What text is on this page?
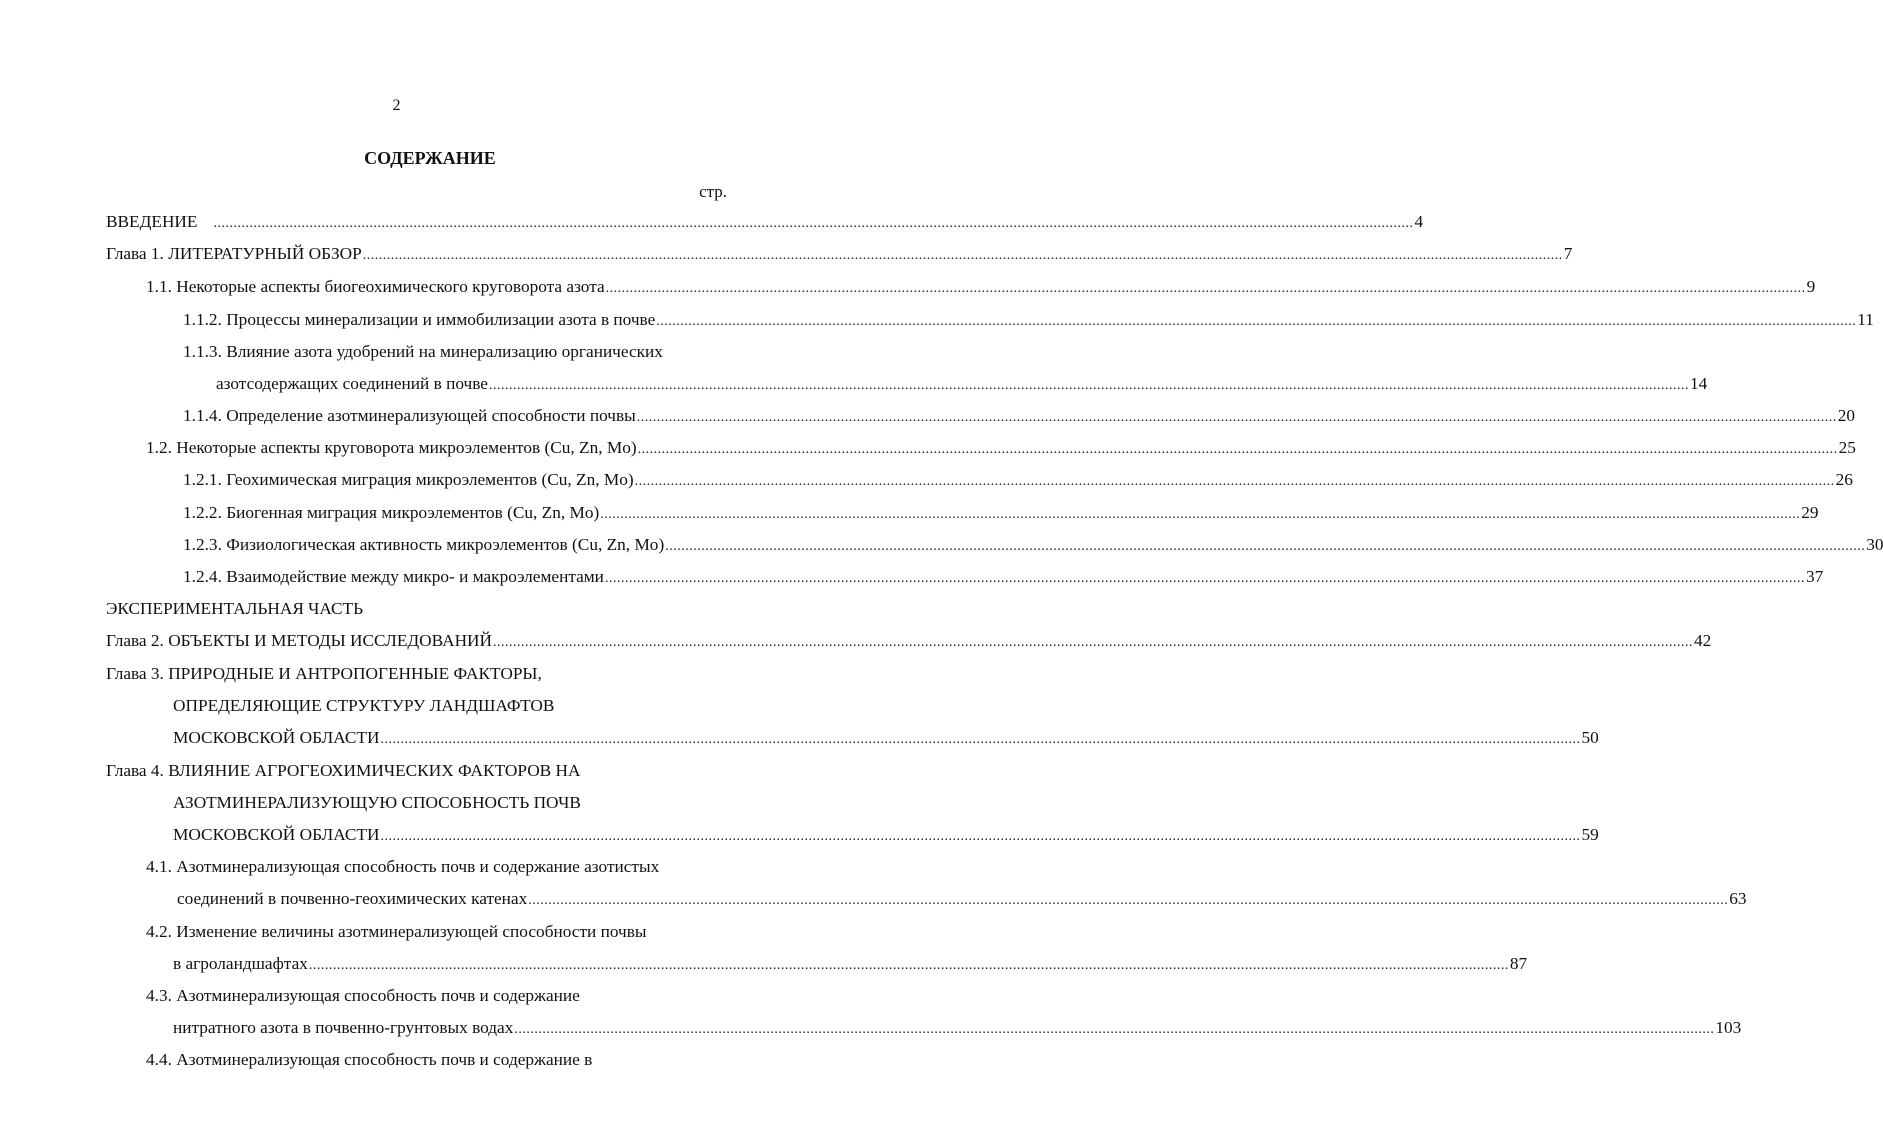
2
СОДЕРЖАНИЕ
стр.
ВВЕДЕНИЕ ............................................................................................................................................................................................................................................................................................................ 4
Глава 1. ЛИТЕРАТУРНЫЙ ОБЗОР ............................................................................................................................................................................................................................................................................................................ 7
1.1. Некоторые аспекты биогеохимического круговорота азота ............................................................................................................................................................................................................................................................................................................ 9
1.1.2. Процессы минерализации и иммобилизации азота в почве ............................................................................................................................................................................................................................................................................................................ 11
1.1.3. Влияние азота удобрений на минерализацию органических
азотсодержащих соединений в почве ............................................................................................................................................................................................................................................................................................................ 14
1.1.4. Определение азотминерализующей способности почвы ............................................................................................................................................................................................................................................................................................................ 20
1.2. Некоторые аспекты круговорота микроэлементов (Cu, Zn, Mo) ............................................................................................................................................................................................................................................................................................................ 25
1.2.1. Геохимическая миграция микроэлементов (Cu, Zn, Mo) ............................................................................................................................................................................................................................................................................................................ 26
1.2.2. Биогенная миграция микроэлементов (Cu, Zn, Mo) ............................................................................................................................................................................................................................................................................................................ 29
1.2.3. Физиологическая активность микроэлементов (Cu, Zn, Mo) ............................................................................................................................................................................................................................................................................................................ 30
1.2.4. Взаимодействие между микро- и макроэлементами ............................................................................................................................................................................................................................................................................................................ 37
ЭКСПЕРИМЕНТАЛЬНАЯ ЧАСТЬ
Глава 2. ОБЪЕКТЫ И МЕТОДЫ ИССЛЕДОВАНИЙ ............................................................................................................................................................................................................................................................................................................ 42
Глава 3. ПРИРОДНЫЕ И АНТРОПОГЕННЫЕ ФАКТОРЫ,
ОПРЕДЕЛЯЮЩИЕ СТРУКТУРУ ЛАНДШАФТОВ
МОСКОВСКОЙ ОБЛАСТИ ............................................................................................................................................................................................................................................................................................................ 50
Глава 4. ВЛИЯНИЕ АГРОГЕОХИМИЧЕСКИХ ФАКТОРОВ НА
АЗОТМИНЕРАЛИЗУЮЩУЮ СПОСОБНОСТЬ ПОЧВ
МОСКОВСКОЙ ОБЛАСТИ ............................................................................................................................................................................................................................................................................................................ 59
4.1. Азотминерализующая способность почв и содержание азотистых
соединений в почвенно-геохимических катенах ............................................................................................................................................................................................................................................................................................................ 63
4.2. Изменение величины азотминерализующей способности почвы
в агроландшафтах ............................................................................................................................................................................................................................................................................................................ 87
4.3. Азотминерализующая способность почв и содержание
нитратного азота в почвенно-грунтовых водах ............................................................................................................................................................................................................................................................................................................ 103
4.4. Азотминерализующая способность почв и содержание в
